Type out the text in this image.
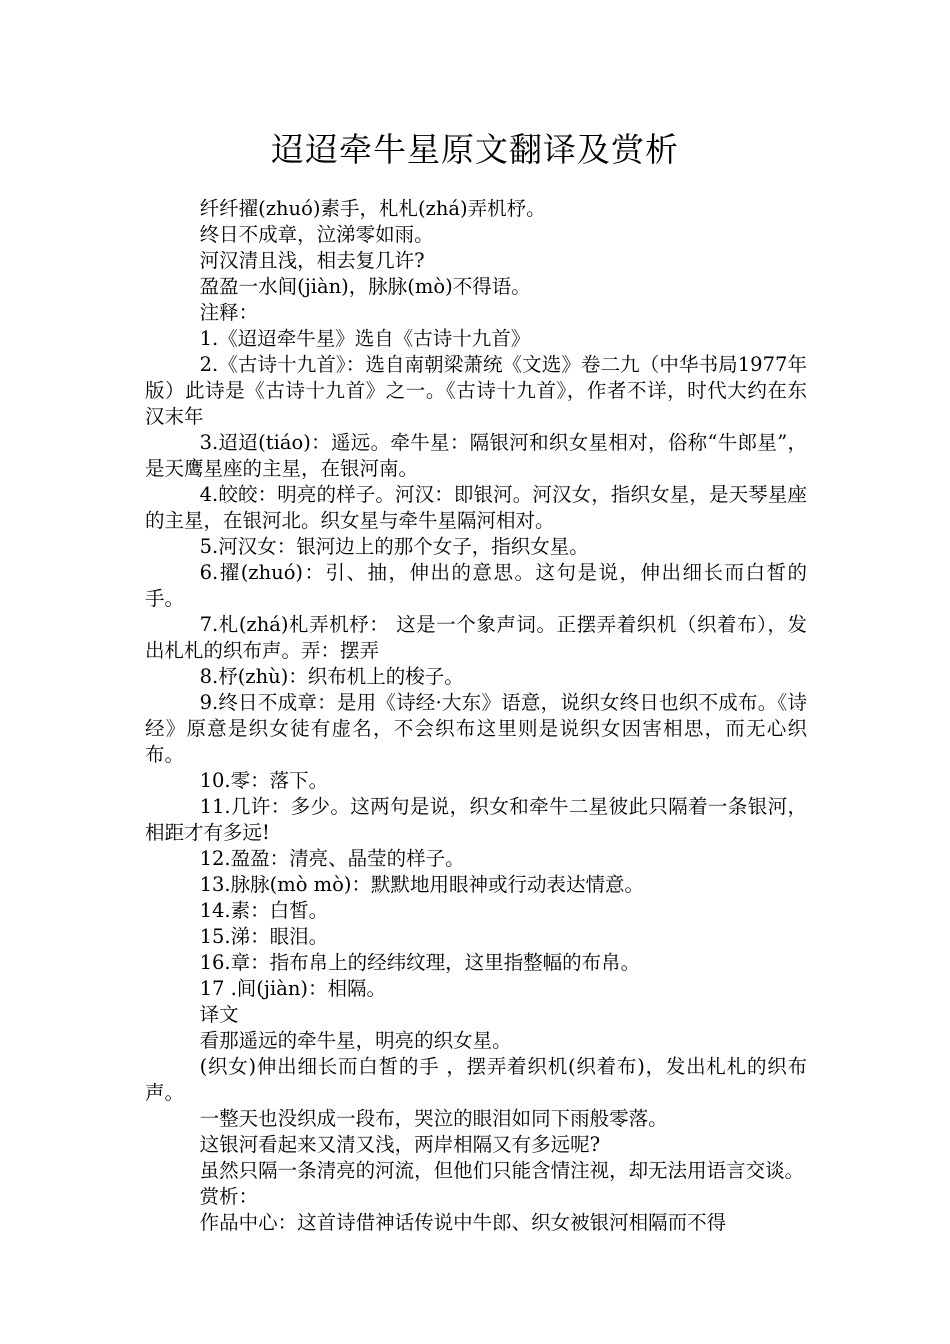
迢迢牵牛星原文翻译及赏析

纤纤擢(zhuó)素手，札札(zhá)弄机杼。

终日不成章，泣涕零如雨。

河汉清且浅，相去复几许?

盈盈一水间(jiàn)，脉脉(mò)不得语。

注释：

1.《迢迢牵牛星》选自《古诗十九首》

2.《古诗十九首》：选自南朝梁萧统《文选》卷二九（中华书局1977年版）此诗是《古诗十九首》之一。《古诗十九首》，作者不详，时代大约在东汉末年

3.迢迢(tiáo)：遥远。牵牛星：隔银河和织女星相对，俗称“牛郎星”，是天鹰星座的主星，在银河南。

4.皎皎：明亮的样子。河汉：即银河。河汉女，指织女星，是天琴星座的主星，在银河北。织女星与牵牛星隔河相对。

5.河汉女：银河边上的那个女子，指织女星。

6.擢(zhuó)：引、抽，伸出的意思。这句是说，伸出细长而白皙的手。

7.札(zhá)札弄机杼： 这是一个象声词。正摆弄着织机（织着布），发出札札的织布声。弄：摆弄

8.杼(zhù)：织布机上的梭子。

9.终日不成章：是用《诗经·大东》语意，说织女终日也织不成布。《诗经》原意是织女徒有虚名，不会织布这里则是说织女因害相思，而无心织布。

10.零：落下。

11.几许：多少。这两句是说，织女和牵牛二星彼此只隔着一条银河，相距才有多远!

12.盈盈：清亮、晶莹的样子。

13.脉脉(mò mò)：默默地用眼神或行动表达情意。

14.素：白皙。

15.涕：眼泪。

16.章：指布帛上的经纬纹理，这里指整幅的布帛。

17 .间(jiàn)：相隔。

译文

看那遥远的牵牛星，明亮的织女星。

(织女)伸出细长而白皙的手 ，摆弄着织机(织着布)，发出札札的织布声。

一整天也没织成一段布，哭泣的眼泪如同下雨般零落。

这银河看起来又清又浅，两岸相隔又有多远呢?

虽然只隔一条清亮的河流，但他们只能含情注视，却无法用语言交谈。

赏析：

作品中心：这首诗借神话传说中牛郎、织女被银河相隔而不得
